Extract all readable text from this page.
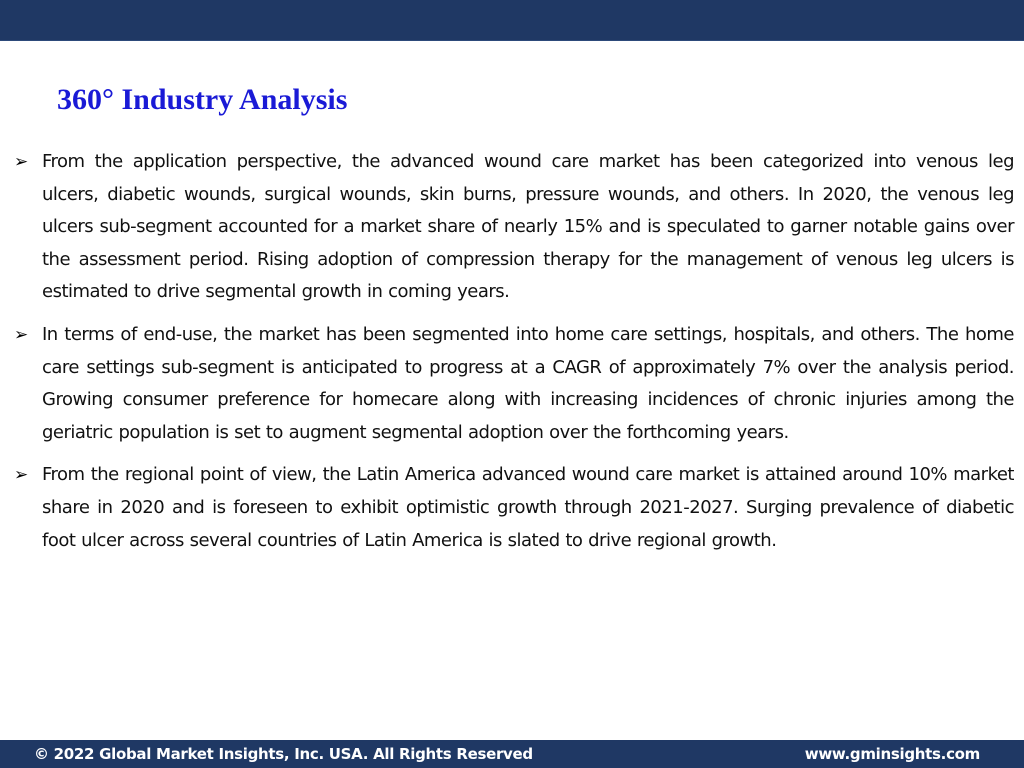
360° Industry Analysis
➢ From the application perspective, the advanced wound care market has been categorized into venous leg ulcers, diabetic wounds, surgical wounds, skin burns, pressure wounds, and others. In 2020, the venous leg ulcers sub-segment accounted for a market share of nearly 15% and is speculated to garner notable gains over the assessment period. Rising adoption of compression therapy for the management of venous leg ulcers is estimated to drive segmental growth in coming years.
➢ In terms of end-use, the market has been segmented into home care settings, hospitals, and others. The home care settings sub-segment is anticipated to progress at a CAGR of approximately 7% over the analysis period. Growing consumer preference for homecare along with increasing incidences of chronic injuries among the geriatric population is set to augment segmental adoption over the forthcoming years.
➢ From the regional point of view, the Latin America advanced wound care market is attained around 10% market share in 2020 and is foreseen to exhibit optimistic growth through 2021-2027. Surging prevalence of diabetic foot ulcer across several countries of Latin America is slated to drive regional growth.
© 2022 Global Market Insights, Inc. USA. All Rights Reserved	www.gminsights.com
